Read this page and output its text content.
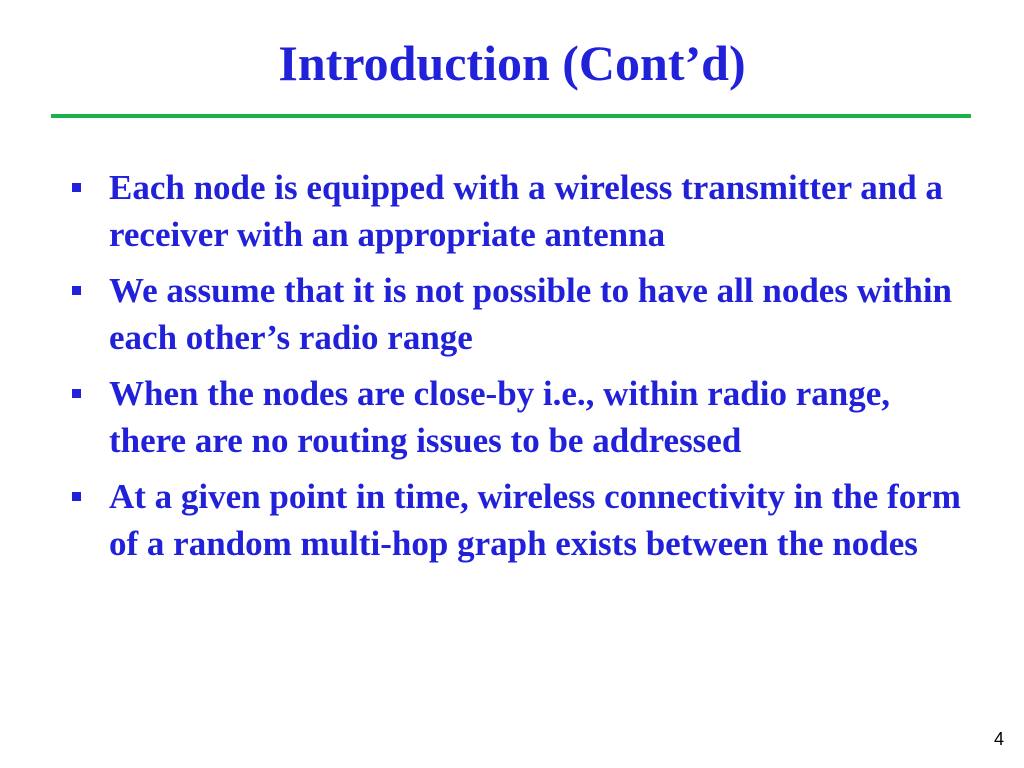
Introduction (Cont’d)
Each node is equipped with a wireless transmitter and a receiver with an appropriate antenna
We assume that it is not possible to have all nodes within each other’s radio range
When the nodes are close-by i.e., within radio range, there are no routing issues to be addressed
At a given point in time, wireless connectivity in the form of a random multi-hop graph exists between the nodes
4
